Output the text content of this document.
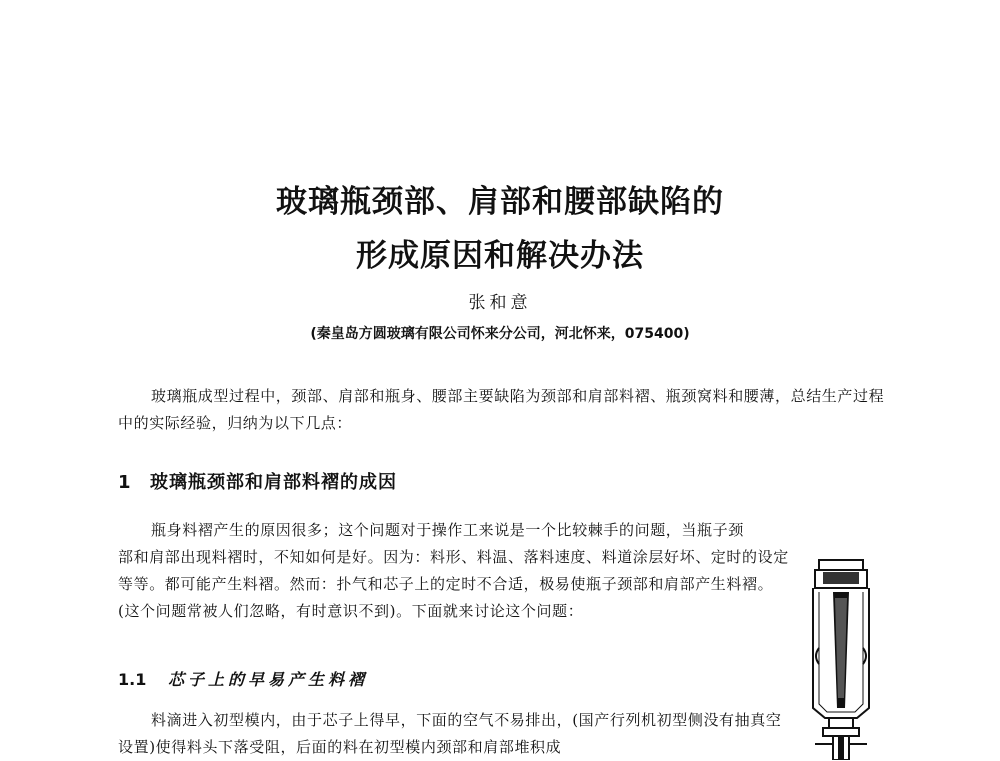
玻璃瓶颈部、肩部和腰部缺陷的
形成原因和解决办法
张和意
(秦皇岛方圆玻璃有限公司怀来分公司，河北怀来，075400)

玻璃瓶成型过程中，颈部、肩部和瓶身、腰部主要缺陷为颈部和肩部料褶、瓶颈窝料和腰薄，总结生产过程中的实际经验，归纳为以下几点：

1 玻璃瓶颈部和肩部料褶的成因

瓶身料褶产生的原因很多；这个问题对于操作工来说是一个比较棘手的问题，当瓶子颈

部和肩部出现料褶时，不知如何是好。因为：料形、料温、落料速度、料道涂层好坏、定时的设定等等。都可能产生料褶。然而：扑气和芯子上的定时不合适，极易使瓶子颈部和肩部产生料褶。(这个问题常被人们忽略，有时意识不到)。下面就来讨论这个问题：

1.1 芯子上的早易产生料褶

料滴进入初型模内，由于芯子上得早，下面的空气不易排出，(国产行列机初型侧没有抽真空设置)使得料头下落受阻，后面的料在初型模内颈部和肩部堆积成
